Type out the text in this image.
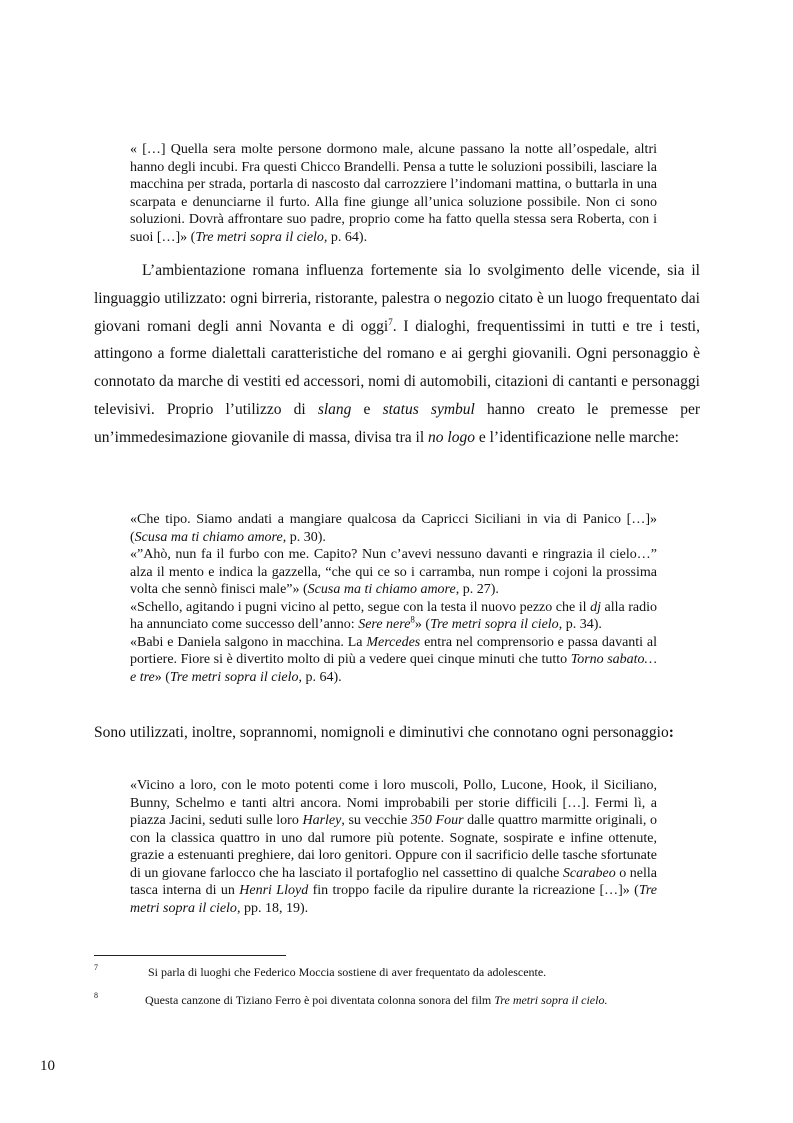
« […] Quella sera molte persone dormono male, alcune passano la notte all’ospedale, altri hanno degli incubi. Fra questi Chicco Brandelli. Pensa a tutte le soluzioni possibili, lasciare la macchina per strada, portarla di nascosto dal carrozziere l’indomani mattina, o buttarla in una scarpata e denunciarne il furto. Alla fine giunge all’unica soluzione possibile. Non ci sono soluzioni. Dovrà affrontare suo padre, proprio come ha fatto quella stessa sera Roberta, con i suoi […]» (Tre metri sopra il cielo, p. 64).

L’ambientazione romana influenza fortemente sia lo svolgimento delle vicende, sia il linguaggio utilizzato: ogni birreria, ristorante, palestra o negozio citato è un luogo frequentato dai giovani romani degli anni Novanta e di oggi$^7$. I dialoghi, frequentissimi in tutti e tre i testi, attingono a forme dialettali caratteristiche del romano e ai gerghi giovanili. Ogni personaggio è connotato da marche di vestiti ed accessori, nomi di automobili, citazioni di cantanti e personaggi televisivi. Proprio l’utilizzo di slang e status symbul hanno creato le premesse per un’immedesimazione giovanile di massa, divisa tra il no logo e l’identificazione nelle marche:

«Che tipo. Siamo andati a mangiare qualcosa da Capricci Siciliani in via di Panico […]» (Scusa ma ti chiamo amore, p. 30).

«”Ahò, nun fa il furbo con me. Capito? Nun c’avevi nessuno davanti e ringrazia il cielo…” alza il mento e indica la gazzella, “che qui ce so i carramba, nun rompe i cojoni la prossima volta che sennò finisci male”» (Scusa ma ti chiamo amore, p. 27).

«Schello, agitando i pugni vicino al petto, segue con la testa il nuovo pezzo che il dj alla radio ha annunciato come successo dell’anno: Sere nere$^8$» (Tre metri sopra il cielo, p. 34).

«Babi e Daniela salgono in macchina. La Mercedes entra nel comprensorio e passa davanti al portiere. Fiore si è divertito molto di più a vedere quei cinque minuti che tutto Torno sabato…e tre» (Tre metri sopra il cielo, p. 64).

Sono utilizzati, inoltre, soprannomi, nomignoli e diminutivi che connotano ogni personaggio:

«Vicino a loro, con le moto potenti come i loro muscoli, Pollo, Lucone, Hook, il Siciliano, Bunny, Schelmo e tanti altri ancora. Nomi improbabili per storie difficili […]. Fermi lì, a piazza Jacini, seduti sulle loro Harley, su vecchie 350 Four dalle quattro marmitte originali, o con la classica quattro in uno dal rumore più potente. Sognate, sospirate e infine ottenute, grazie a estenuanti preghiere, dai loro genitori. Oppure con il sacrificio delle tasche sfortunate di un giovane farlocco che ha lasciato il portafoglio nel cassettino di qualche Scarabeo o nella tasca interna di un Henri Lloyd fin troppo facile da ripulire durante la ricreazione […]» (Tre metri sopra il cielo, pp. 18, 19).

7	Si parla di luoghi che Federico Moccia sostiene di aver frequentato da adolescente.
8	Questa canzone di Tiziano Ferro è poi diventata colonna sonora del film Tre metri sopra il cielo.
10
